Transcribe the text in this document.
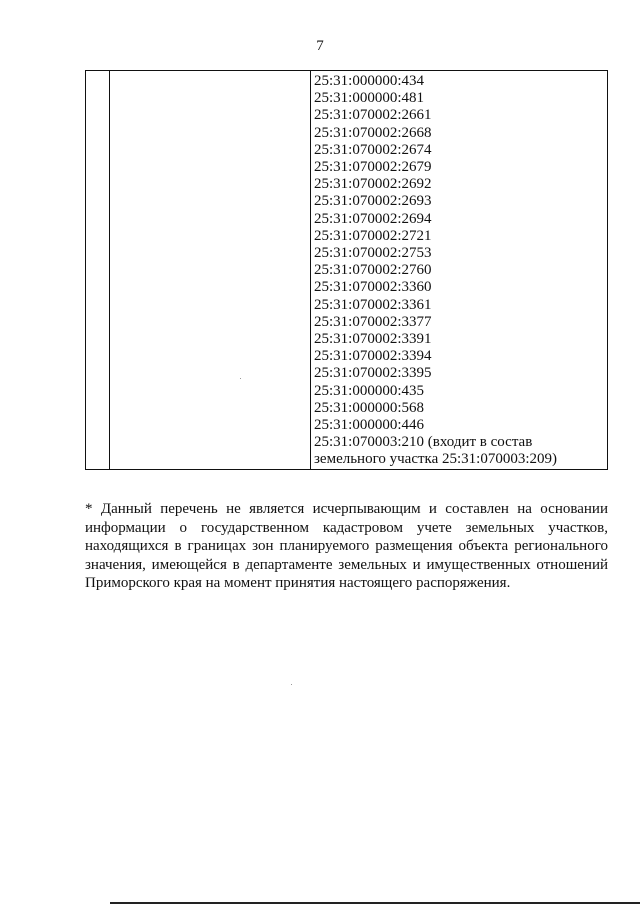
7
25:31:000000:434
25:31:000000:481
25:31:070002:2661
25:31:070002:2668
25:31:070002:2674
25:31:070002:2679
25:31:070002:2692
25:31:070002:2693
25:31:070002:2694
25:31:070002:2721
25:31:070002:2753
25:31:070002:2760
25:31:070002:3360
25:31:070002:3361
25:31:070002:3377
25:31:070002:3391
25:31:070002:3394
25:31:070002:3395
25:31:000000:435
25:31:000000:568
25:31:000000:446
25:31:070003:210 (входит в состав
земельного участка 25:31:070003:209)
* Данный перечень не является исчерпывающим и составлен на основании информации о государственном кадастровом учете земельных участков, находящихся в границах зон планируемого размещения объекта регионального значения, имеющейся в департаменте земельных и имущественных отношений Приморского края на момент принятия настоящего распоряжения.
